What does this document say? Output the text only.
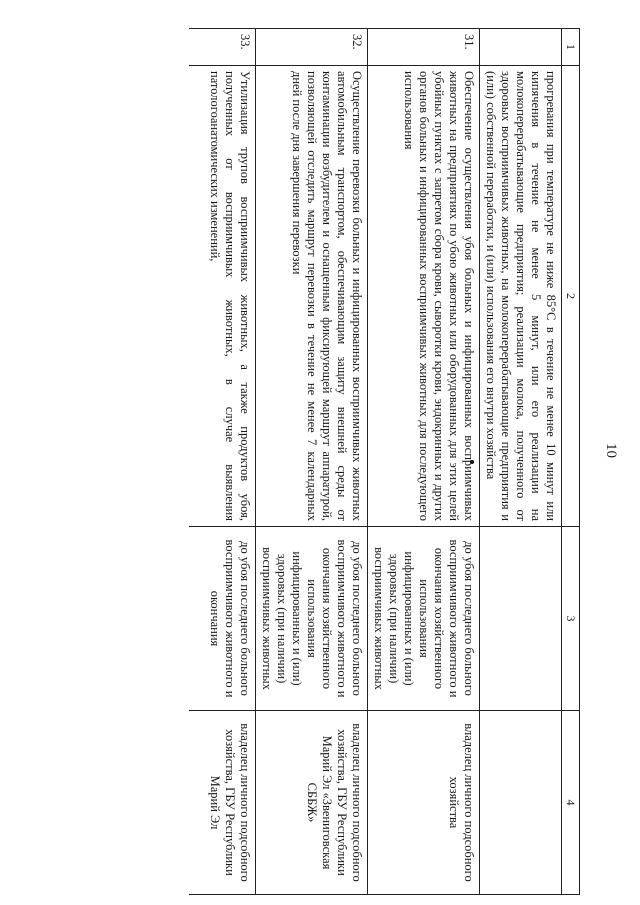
10
1	2	3	4
	прогревания при температуре не ниже 85°С в течение не менее 10 минут или кипячения в течение не менее 5 минут, или его реализации на молокоперерабатывающие предприятия; реализации молока, полученного от здоровых восприимчивых животных, на молокоперерабатывающие предприятия и (или) собственной переработки, и (или) использования его внутри хозяйства		
31.	Обеспечение осуществления убоя больных и инфицированных восприимчивых животных на предприятиях по убою животных или оборудованных для этих целей убойных пунктах с запретом сбора крови, сыворотки крови, эндокринных и других органов больных и инфицированных восприимчивых животных для последующего использования	до убоя последнего больного восприимчивого животного и окончания хозяйственного использования инфицированных и (или) здоровых (при наличии) восприимчивых животных	владелец личного подсобного хозяйства
32.	Осуществление перевозки больных и инфицированных восприимчивых животных автомобильным транспортом, обеспечивающим защиту внешней среды от контаминации возбудителем и оснащенным фиксирующей маршрут аппаратурой, позволяющей отследить маршрут перевозки в течение не менее 7 календарных дней после дня завершения перевозки	до убоя последнего больного восприимчивого животного и окончания хозяйственного использования инфицированных и (или) здоровых (при наличии) восприимчивых животных	владелец личного подсобного хозяйства, ГБУ Республики Марий Эл «Звениговская СББЖ»
33.	Утилизация трупов восприимчивых животных, а также продуктов убоя, полученных от восприимчивых животных, в случае выявления патологоанатомических изменений,	до убоя последнего больного восприимчивого животного и окончания	владелец личного подсобного хозяйства, ГБУ Республики Марий Эл
